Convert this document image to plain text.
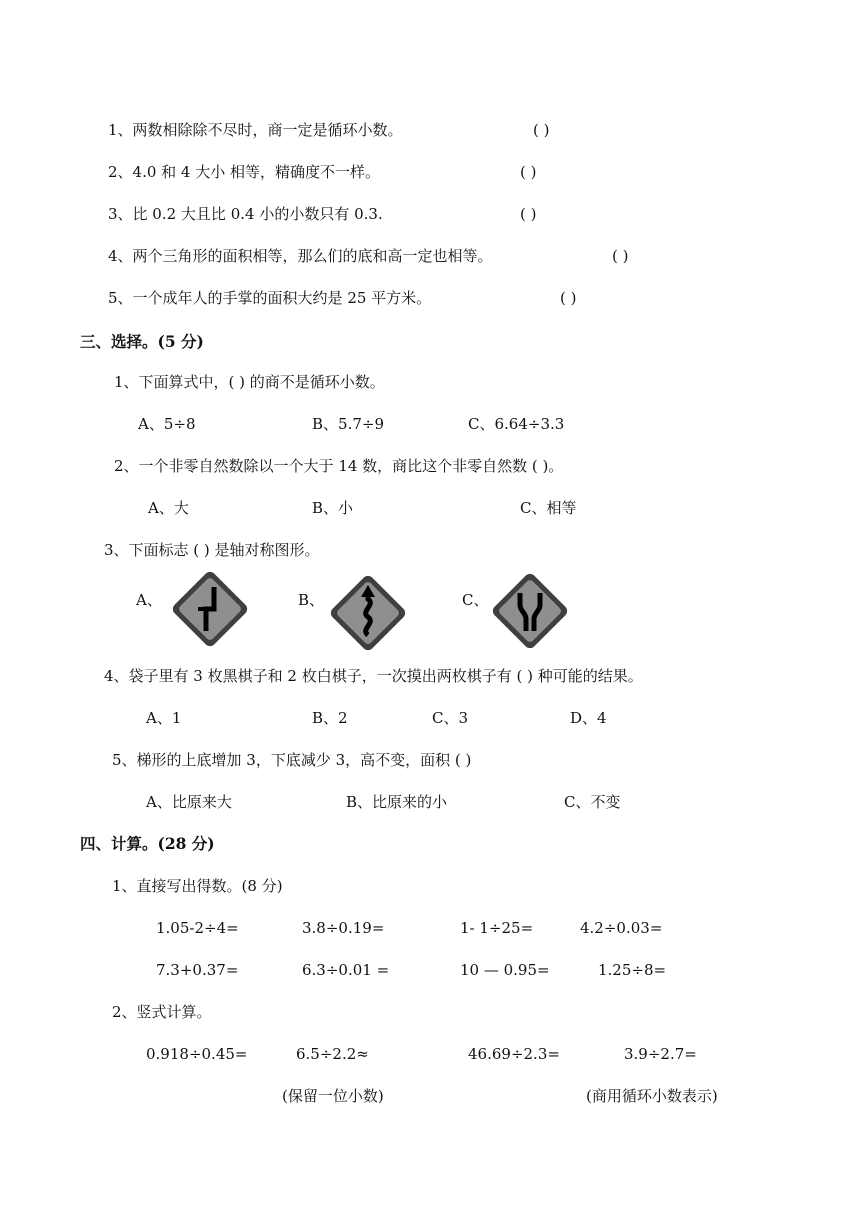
1、两数相除除不尽时，商一定是循环小数。	( )
2、4.0 和 4 大小 相等，精确度不一样。	( )
3、比 0.2 大且比 0.4 小的小数只有 0.3.	( )
4、两个三角形的面积相等，那么们的底和高一定也相等。	( )
5、一个成年人的手掌的面积大约是 25 平方米。	( )
三、选择。(5 分)
1、下面算式中，( ) 的商不是循环小数。
A、5÷8	B、5.7÷9	C、6.64÷3.3
2、一个非零自然数除以一个大于 14 数，商比这个非零自然数 ( )。
A、大	B、小	C、相等
3、下面标志 ( ) 是轴对称图形。
A、	B、	C、
4、袋子里有 3 枚黑棋子和 2 枚白棋子，一次摸出两枚棋子有 ( ) 种可能的结果。
A、1	B、2	C、3	D、4
5、梯形的上底增加 3，下底减少 3，高不变，面积 ( )
A、比原来大	B、比原来的小	C、不变
四、计算。(28 分)
1、直接写出得数。(8 分)
1.05-2÷4=	3.8÷0.19=	1- 1÷25=	4.2÷0.03=
7.3+0.37=	6.3÷0.01 =	10 — 0.95=	1.25÷8=
2、竖式计算。
0.918÷0.45=	6.5÷2.2≈	46.69÷2.3=	3.9÷2.7=
(保留一位小数)	(商用循环小数表示)
